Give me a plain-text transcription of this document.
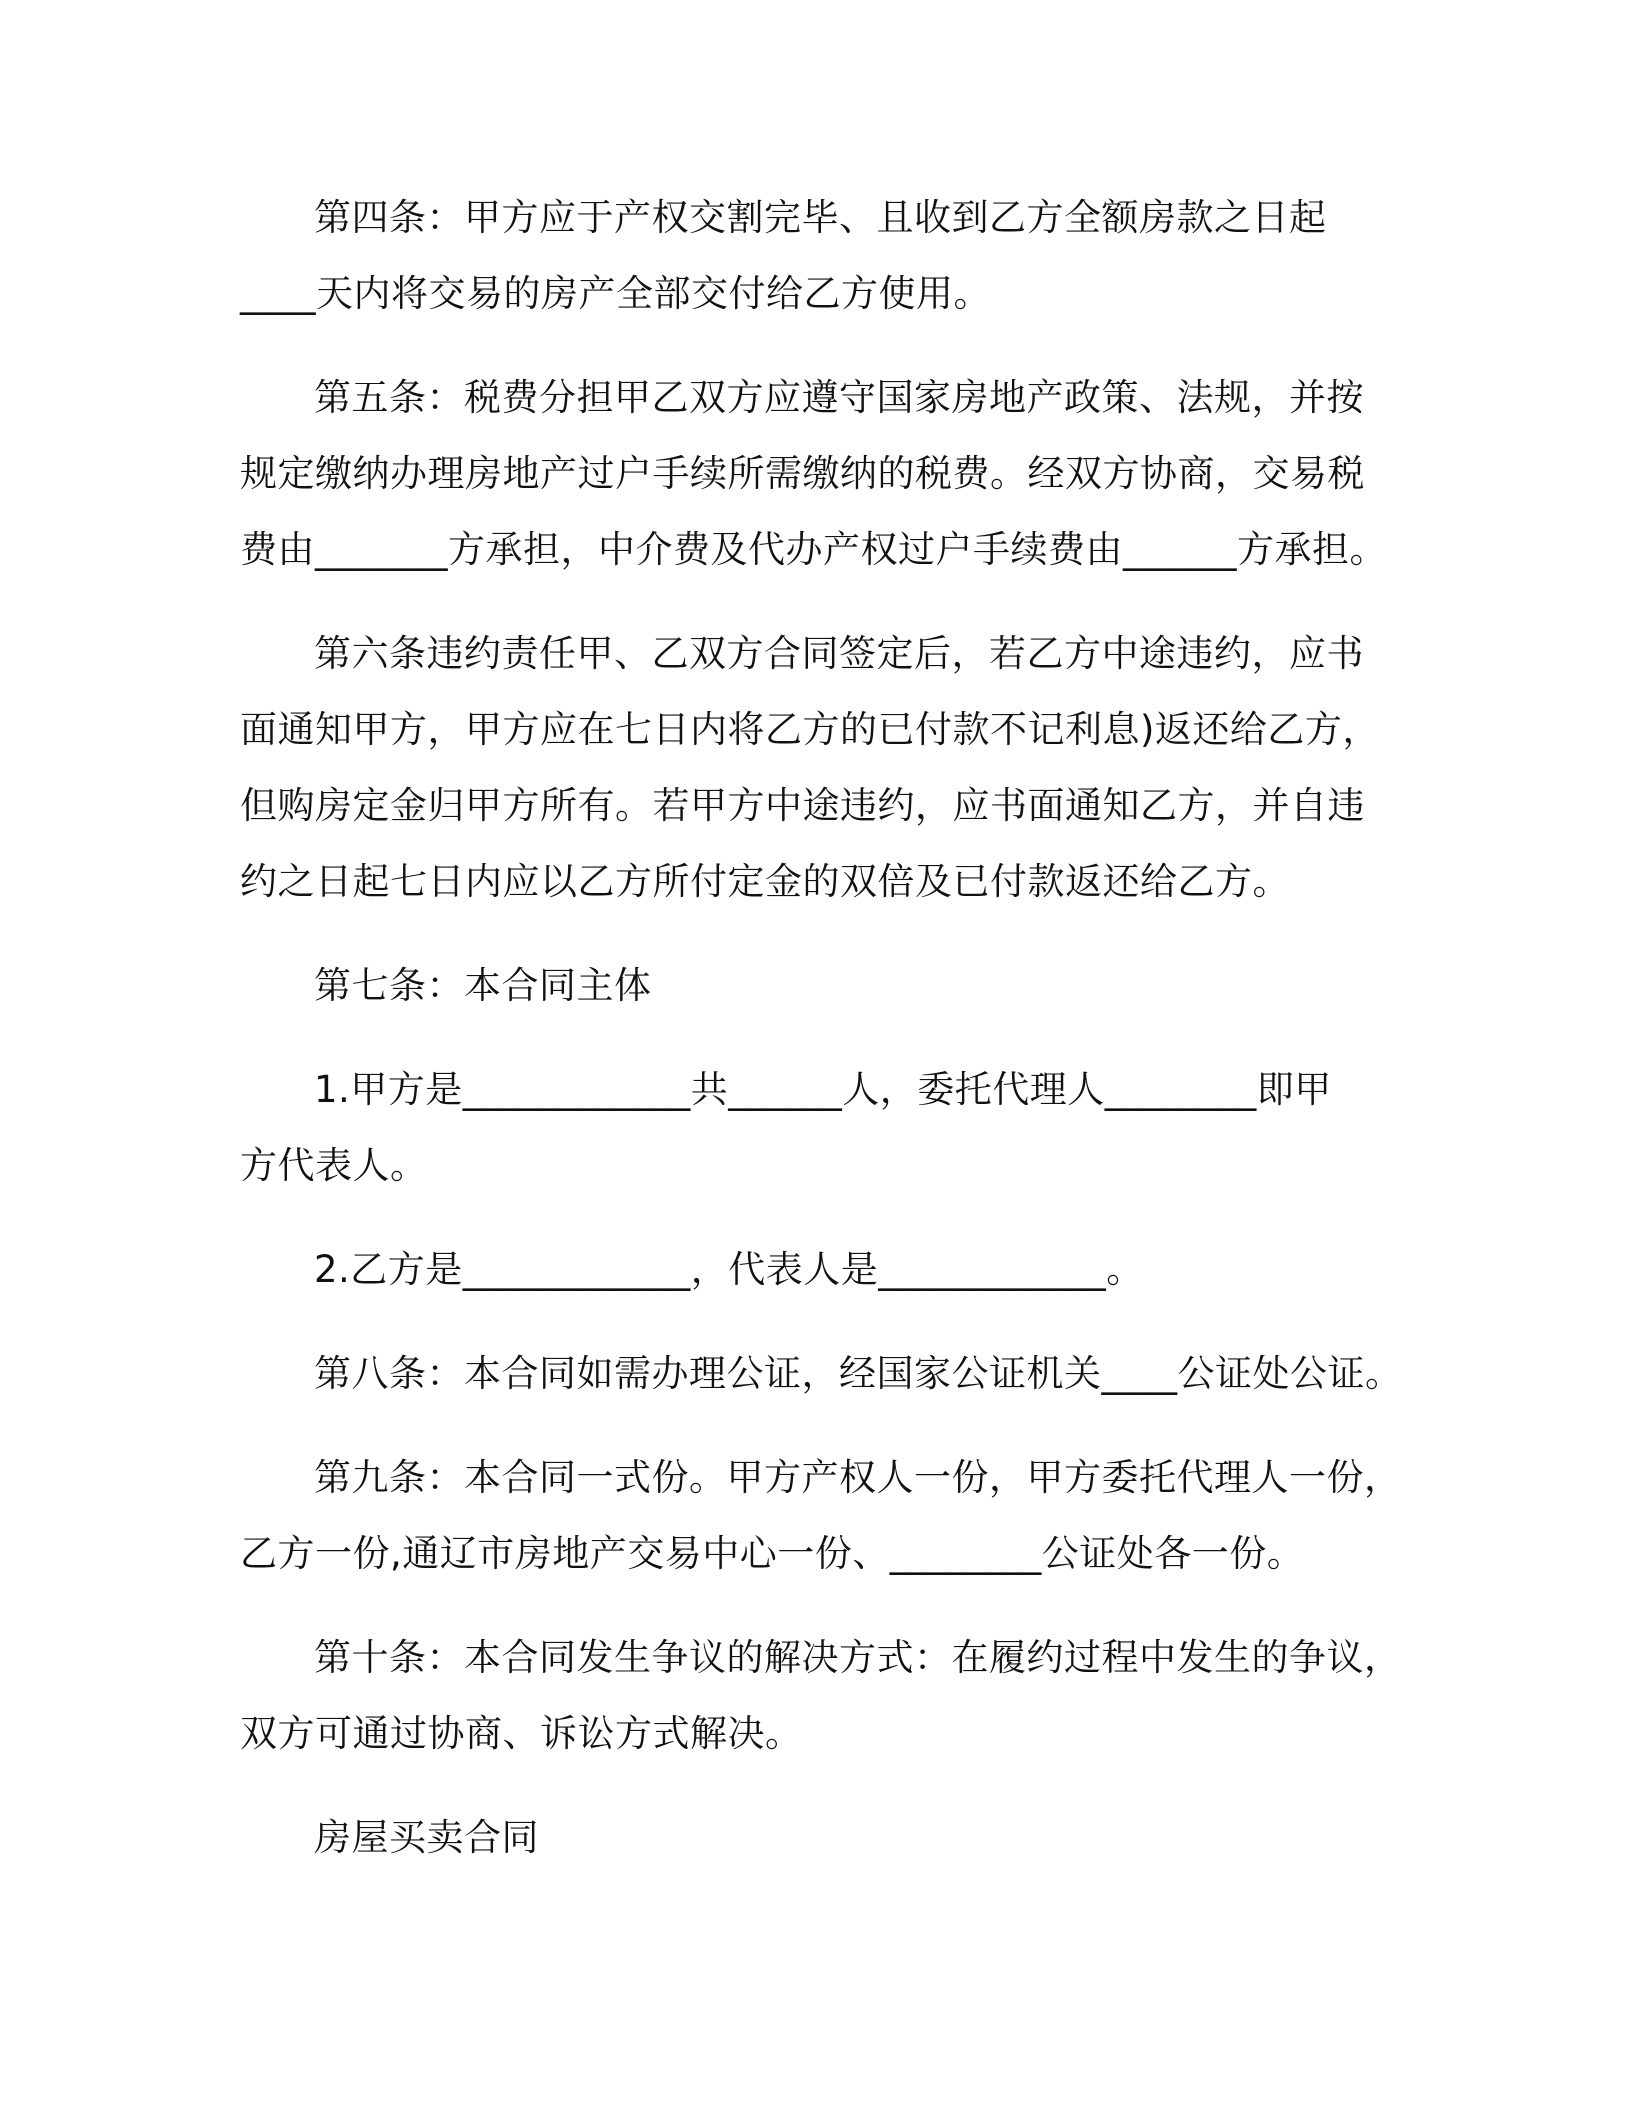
第四条：甲方应于产权交割完毕、且收到乙方全额房款之日起
____天内将交易的房产全部交付给乙方使用。
第五条：税费分担甲乙双方应遵守国家房地产政策、法规，并按
规定缴纳办理房地产过户手续所需缴纳的税费。经双方协商，交易税
费由_______方承担，中介费及代办产权过户手续费由______方承担。
第六条违约责任甲、乙双方合同签定后，若乙方中途违约，应书
面通知甲方，甲方应在七日内将乙方的已付款不记利息)返还给乙方，
但购房定金归甲方所有。若甲方中途违约，应书面通知乙方，并自违
约之日起七日内应以乙方所付定金的双倍及已付款返还给乙方。
第七条：本合同主体
1.甲方是____________共______人，委托代理人________即甲
方代表人。
2.乙方是____________，代表人是____________。
第八条：本合同如需办理公证，经国家公证机关____公证处公证。
第九条：本合同一式份。甲方产权人一份，甲方委托代理人一份，
乙方一份,通辽市房地产交易中心一份、________公证处各一份。
第十条：本合同发生争议的解决方式：在履约过程中发生的争议，
双方可通过协商、诉讼方式解决。
房屋买卖合同
